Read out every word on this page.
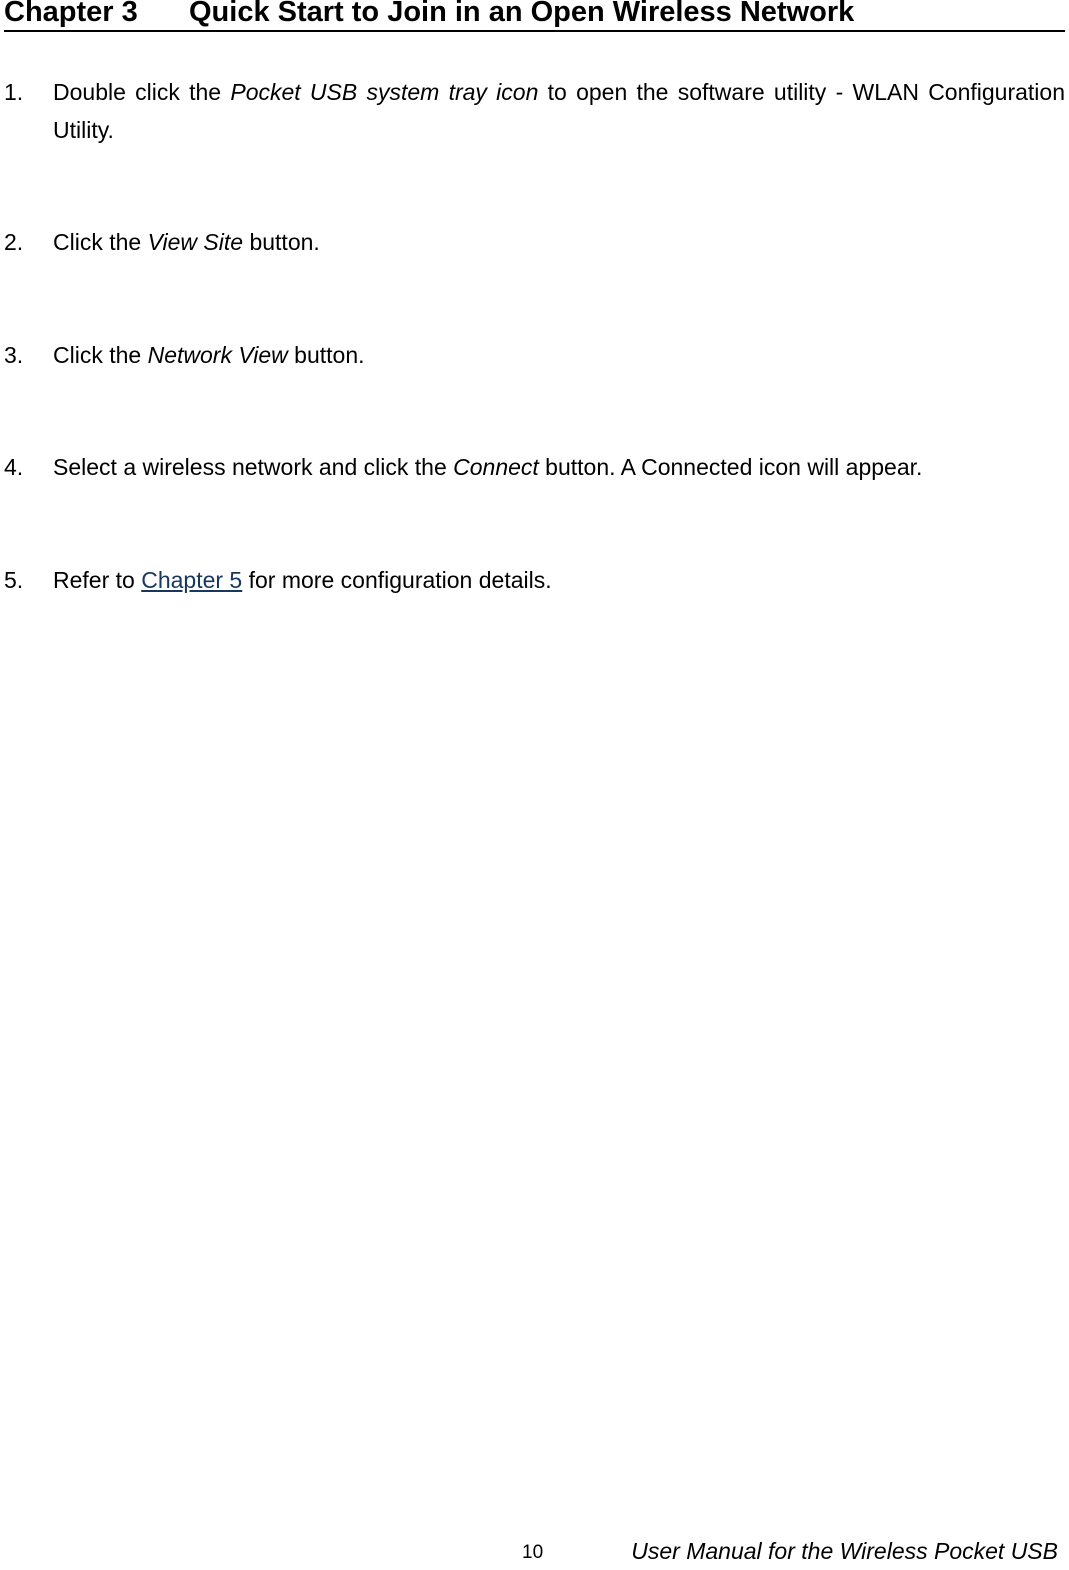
Chapter 3 Quick Start to Join in an Open Wireless Network
1.	Double click the Pocket USB system tray icon to open the software utility - WLAN Configuration Utility.
2.	Click the View Site button.
3.	Click the Network View button.
4.	Select a wireless network and click the Connect button. A Connected icon will appear.
5.	Refer to Chapter 5 for more configuration details.
10	User Manual for the Wireless Pocket USB
